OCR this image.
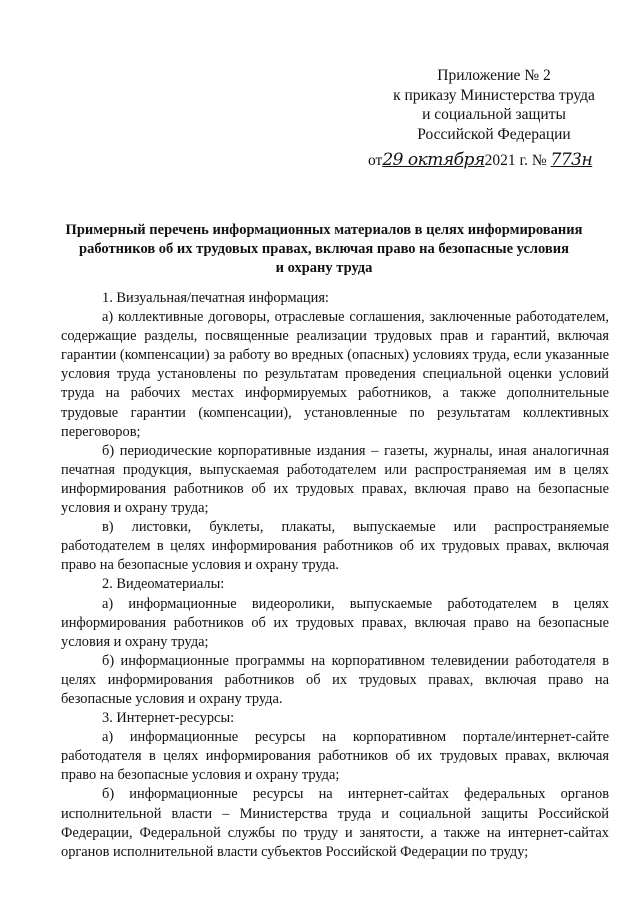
Приложение № 2
к приказу Министерства труда
и социальной защиты
Российской Федерации
от29 октября2021 г. № 773н
Примерный перечень информационных материалов в целях информирования
работников об их трудовых правах, включая право на безопасные условия
и охрану труда

1. Визуальная/печатная информация:

а) коллективные договоры, отраслевые соглашения, заключенные работодателем, содержащие разделы, посвященные реализации трудовых прав и гарантий, включая гарантии (компенсации) за работу во вредных (опасных) условиях труда, если указанные условия труда установлены по результатам проведения специальной оценки условий труда на рабочих местах информируемых работников, а также дополнительные трудовые гарантии (компенсации), установленные по результатам коллективных переговоров;

б) периодические корпоративные издания – газеты, журналы, иная аналогичная печатная продукция, выпускаемая работодателем или распространяемая им в целях информирования работников об их трудовых правах, включая право на безопасные условия и охрану труда;

в) листовки, буклеты, плакаты, выпускаемые или распространяемые работодателем в целях информирования работников об их трудовых правах, включая право на безопасные условия и охрану труда.

2. Видеоматериалы:

а) информационные видеоролики, выпускаемые работодателем в целях информирования работников об их трудовых правах, включая право на безопасные условия и охрану труда;

б) информационные программы на корпоративном телевидении работодателя в целях информирования работников об их трудовых правах, включая право на безопасные условия и охрану труда.

3. Интернет-ресурсы:

а) информационные ресурсы на корпоративном портале/интернет-сайте работодателя в целях информирования работников об их трудовых правах, включая право на безопасные условия и охрану труда;

б) информационные ресурсы на интернет-сайтах федеральных органов исполнительной власти – Министерства труда и социальной защиты Российской Федерации, Федеральной службы по труду и занятости, а также на интернет-сайтах органов исполнительной власти субъектов Российской Федерации по труду;
